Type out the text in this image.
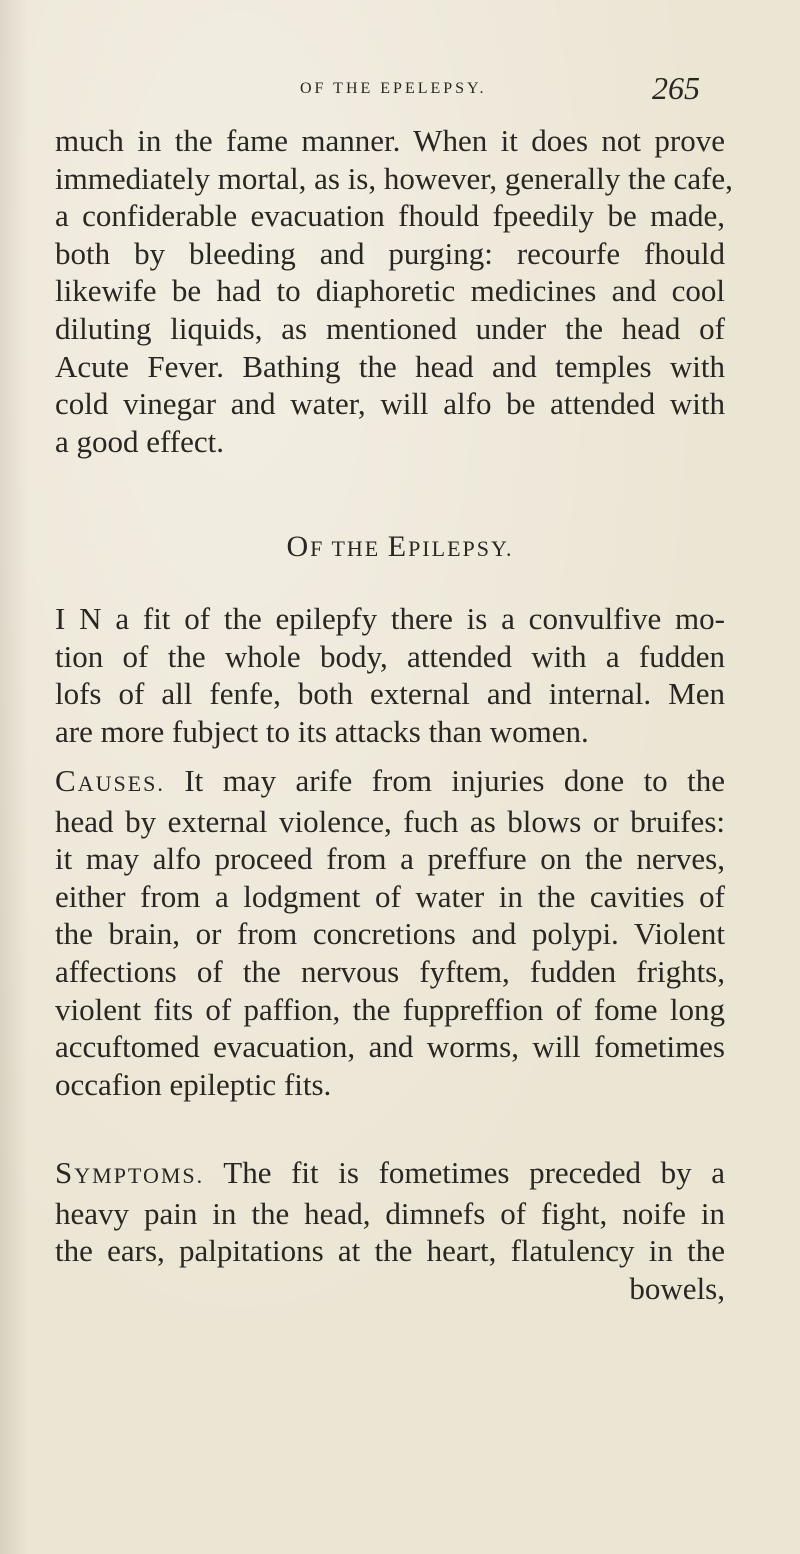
OF THE EPELEPSY.	265
much in the fame manner. When it does not prove
immediately mortal, as is, however, generally the cafe,
a confiderable evacuation fhould fpeedily be made,
both by bleeding and purging: recourfe fhould
likewife be had to diaphoretic medicines and cool
diluting liquids, as mentioned under the head of
Acute Fever. Bathing the head and temples with
cold vinegar and water, will alfo be attended with
a good effect.
OF THE EPILEPSY.
I N a fit of the epilepfy there is a convulfive mo-
tion of the whole body, attended with a fudden
lofs of all fenfe, both external and internal. Men
are more fubject to its attacks than women.
CAUSES. It may arife from injuries done to the
head by external violence, fuch as blows or bruifes:
it may alfo proceed from a preffure on the nerves,
either from a lodgment of water in the cavities of
the brain, or from concretions and polypi. Violent
affections of the nervous fyftem, fudden frights,
violent fits of paffion, the fuppreffion of fome long
accuftomed evacuation, and worms, will fometimes
occafion epileptic fits.
SYMPTOMS. The fit is fometimes preceded by a
heavy pain in the head, dimnefs of fight, noife in
the ears, palpitations at the heart, flatulency in the
bowels,
